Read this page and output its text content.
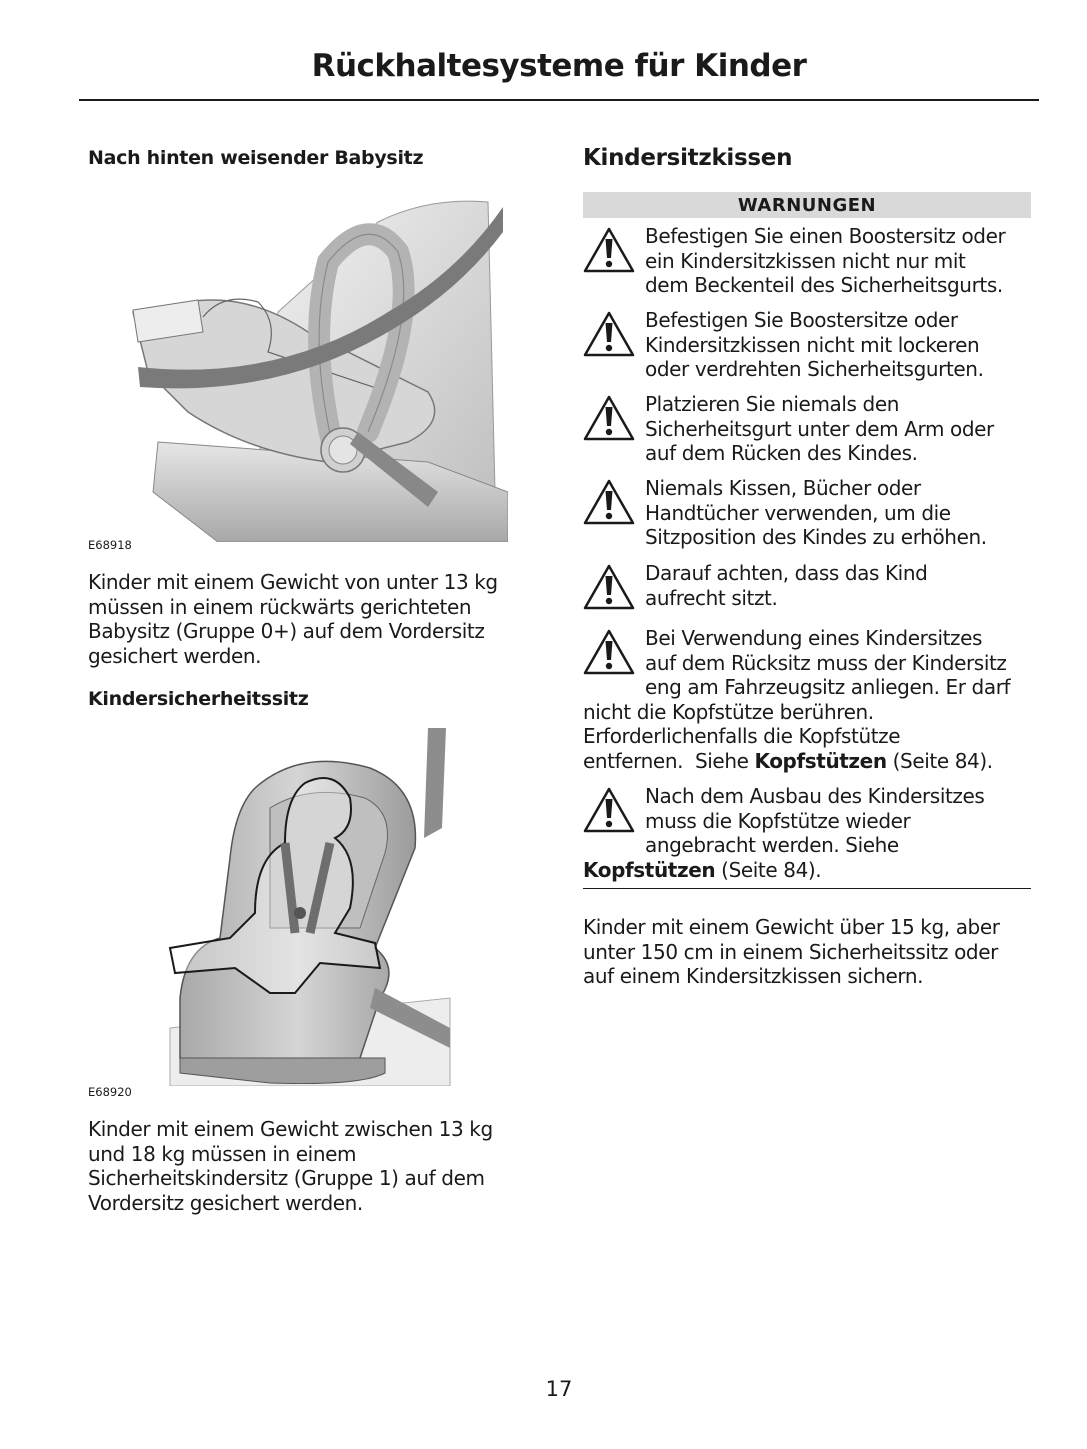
Rückhaltesysteme für Kinder
Nach hinten weisender Babysitz
E68918
Kinder mit einem Gewicht von unter 13 kg
müssen in einem rückwärts gerichteten
Babysitz (Gruppe 0+) auf dem Vordersitz
gesichert werden.
Kindersicherheitssitz
E68920
Kinder mit einem Gewicht zwischen 13 kg
und 18 kg müssen in einem
Sicherheitskindersitz (Gruppe 1) auf dem
Vordersitz gesichert werden.
Kindersitzkissen
WARNUNGEN
Befestigen Sie einen Boostersitz oder
ein Kindersitzkissen nicht nur mit
dem Beckenteil des Sicherheitsgurts.
Befestigen Sie Boostersitze oder
Kindersitzkissen nicht mit lockeren
oder verdrehten Sicherheitsgurten.
Platzieren Sie niemals den
Sicherheitsgurt unter dem Arm oder
auf dem Rücken des Kindes.
Niemals Kissen, Bücher oder
Handtücher verwenden, um die
Sitzposition des Kindes zu erhöhen.
Darauf achten, dass das Kind
aufrecht sitzt.
Bei Verwendung eines Kindersitzes
auf dem Rücksitz muss der Kindersitz
eng am Fahrzeugsitz anliegen. Er darf
nicht die Kopfstütze berühren.
Erforderlichenfalls die Kopfstütze
entfernen.  Siehe Kopfstützen (Seite 84).
Nach dem Ausbau des Kindersitzes
muss die Kopfstütze wieder
angebracht werden. Siehe
Kopfstützen (Seite 84).
Kinder mit einem Gewicht über 15 kg, aber
unter 150 cm in einem Sicherheitssitz oder
auf einem Kindersitzkissen sichern.
17
